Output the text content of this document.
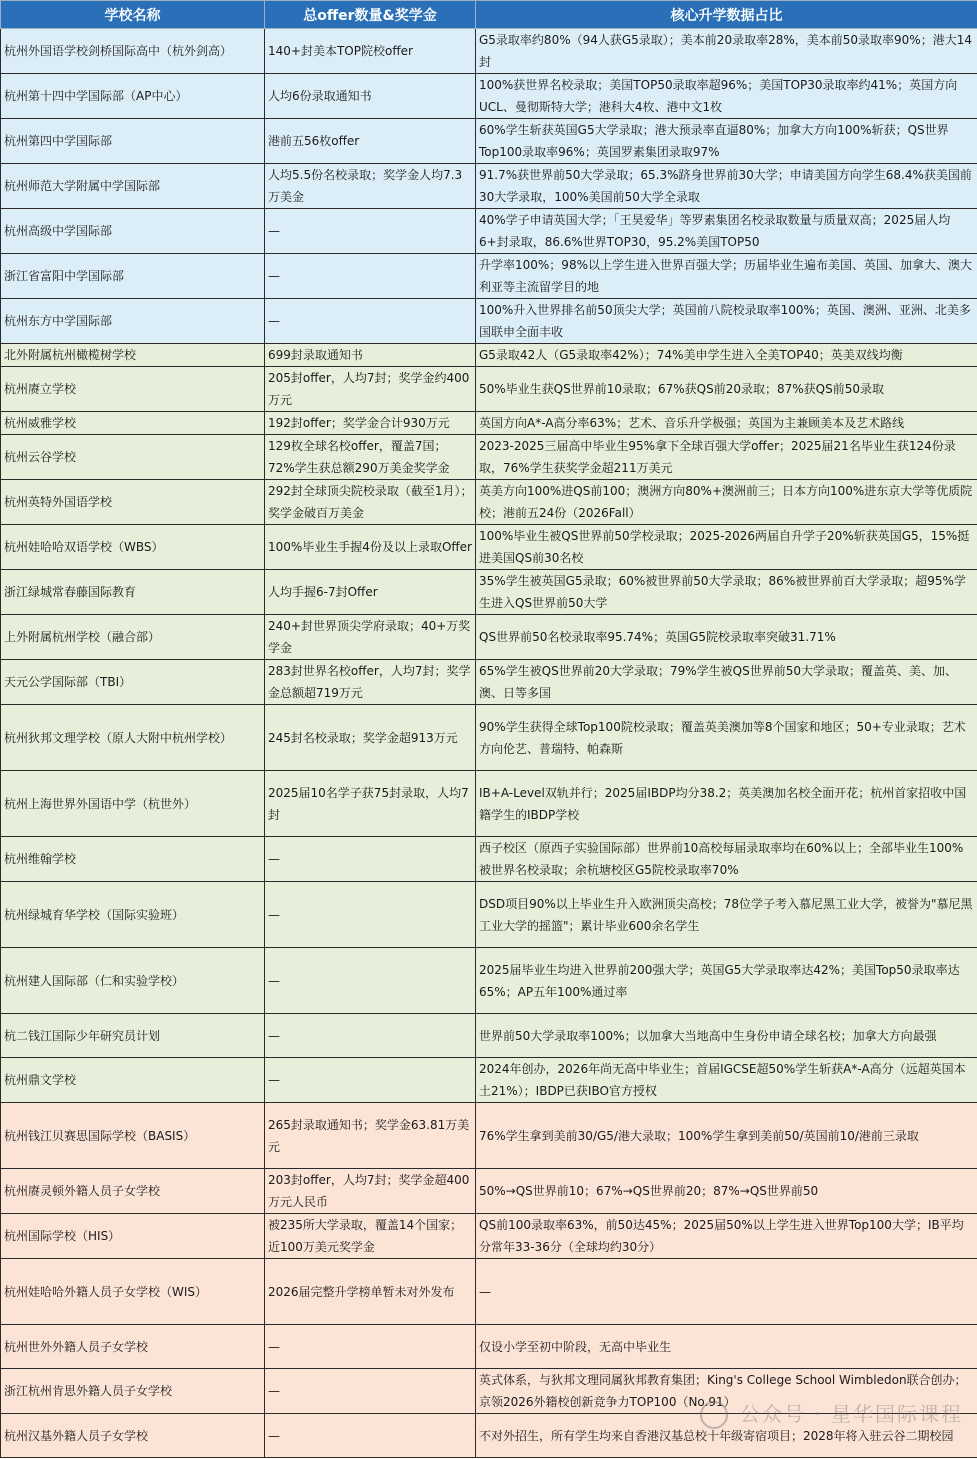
学校名称	总offer数量&奖学金	核心升学数据占比
杭州外国语学校剑桥国际高中（杭外剑高）	140+封美本TOP院校offer	G5录取率约80%（94人获G5录取）；美本前20录取率28%，美本前50录取率90%；港大14封
杭州第十四中学国际部（AP中心）	人均6份录取通知书	100%获世界名校录取；美国TOP50录取率超96%；美国TOP30录取率约41%；英国方向UCL、曼彻斯特大学；港科大4枚、港中文1枚
杭州第四中学国际部	港前五56枚offer	60%学生斩获英国G5大学录取；港大预录率直逼80%；加拿大方向100%斩获；QS世界Top100录取率96%；英国罗素集团录取97%
杭州师范大学附属中学国际部	人均5.5份名校录取；奖学金人均7.3万美金	91.7%获世界前50大学录取；65.3%跻身世界前30大学；申请美国方向学生68.4%获美国前30大学录取，100%美国前50大学全录取
杭州高级中学国际部	—	40%学子申请英国大学；「王昊爱华」等罗素集团名校录取数量与质量双高；2025届人均6+封录取，86.6%世界TOP30，95.2%美国TOP50
浙江省富阳中学国际部	—	升学率100%；98%以上学生进入世界百强大学；历届毕业生遍布美国、英国、加拿大、澳大利亚等主流留学目的地
杭州东方中学国际部	—	100%升入世界排名前50顶尖大学；英国前八院校录取率100%；英国、澳洲、亚洲、北美多国联申全面丰收
北外附属杭州橄榄树学校	699封录取通知书	G5录取42人（G5录取率42%）；74%美申学生进入全美TOP40；英美双线均衡
杭州赓立学校	205封offer，人均7封；奖学金约400万元	50%毕业生获QS世界前10录取；67%获QS前20录取；87%获QS前50录取
杭州威雅学校	192封offer；奖学金合计930万元	英国方向A*-A高分率63%；艺术、音乐升学极强；英国为主兼顾美本及艺术路线
杭州云谷学校	129枚全球名校offer，覆盖7国；72%学生获总额290万美金奖学金	2023-2025三届高中毕业生95%拿下全球百强大学offer；2025届21名毕业生获124份录取，76%学生获奖学金超211万美元
杭州英特外国语学校	292封全球顶尖院校录取（截至1月）；奖学金破百万美金	英美方向100%进QS前100；澳洲方向80%+澳洲前三；日本方向100%进东京大学等优质院校；港前五24份（2026Fall）
杭州娃哈哈双语学校（WBS）	100%毕业生手握4份及以上录取Offer	100%毕业生被QS世界前50学校录取；2025-2026两届自升学子20%斩获英国G5，15%挺进美国QS前30名校
浙江绿城常春藤国际教育	人均手握6-7封Offer	35%学生被英国G5录取；60%被世界前50大学录取；86%被世界前百大学录取；超95%学生进入QS世界前50大学
上外附属杭州学校（融合部）	240+封世界顶尖学府录取；40+万奖学金	QS世界前50名校录取率95.74%；英国G5院校录取率突破31.71%
天元公学国际部（TBI）	283封世界名校offer，人均7封；奖学金总额超719万元	65%学生被QS世界前20大学录取；79%学生被QS世界前50大学录取；覆盖英、美、加、澳、日等多国
杭州狄邦文理学校（原人大附中杭州学校）	245封名校录取；奖学金超913万元	90%学生获得全球Top100院校录取；覆盖英美澳加等8个国家和地区；50+专业录取；艺术方向伦艺、普瑞特、帕森斯
杭州上海世界外国语中学（杭世外）	2025届10名学子获75封录取，人均7封	IB+A-Level双轨并行；2025届IBDP均分38.2；英美澳加名校全面开花；杭州首家招收中国籍学生的IBDP学校
杭州维翰学校	—	西子校区（原西子实验国际部）世界前10高校每届录取率均在60%以上；全部毕业生100%被世界名校录取；余杭塘校区G5院校录取率70%
杭州绿城育华学校（国际实验班）	—	DSD项目90%以上毕业生升入欧洲顶尖高校；78位学子考入慕尼黑工业大学，被誉为"慕尼黑工业大学的摇篮"；累计毕业600余名学生
杭州建人国际部（仁和实验学校）	—	2025届毕业生均进入世界前200强大学；英国G5大学录取率达42%；美国Top50录取率达65%；AP五年100%通过率
杭二钱江国际少年研究员计划	—	世界前50大学录取率100%；以加拿大当地高中生身份申请全球名校；加拿大方向最强
杭州鼎文学校	—	2024年创办，2026年尚无高中毕业生；首届IGCSE超50%学生斩获A*-A高分（远超英国本土21%）；IBDP已获IBO官方授权
杭州钱江贝赛思国际学校（BASIS）	265封录取通知书；奖学金63.81万美元	76%学生拿到美前30/G5/港大录取；100%学生拿到美前50/英国前10/港前三录取
杭州赓灵顿外籍人员子女学校	203封offer，人均7封；奖学金超400万元人民币	50%→QS世界前10；67%→QS世界前20；87%→QS世界前50
杭州国际学校（HIS）	被235所大学录取，覆盖14个国家；近100万美元奖学金	QS前100录取率63%，前50达45%；2025届50%以上学生进入世界Top100大学；IB平均分常年33-36分（全球均约30分）
杭州娃哈哈外籍人员子女学校（WIS）	2026届完整升学榜单暂未对外发布	—
杭州世外外籍人员子女学校	—	仅设小学至初中阶段，无高中毕业生
浙江杭州肯思外籍人员子女学校	—	英式体系，与狄邦文理同属狄邦教育集团；King's College School Wimbledon联合创办；京领2026外籍校创新竞争力TOP100（No.91）
杭州汉基外籍人员子女学校	—	不对外招生，所有学生均来自香港汉基总校十年级寄宿项目；2028年将入驻云谷二期校园
公众号 · 星华国际课程
